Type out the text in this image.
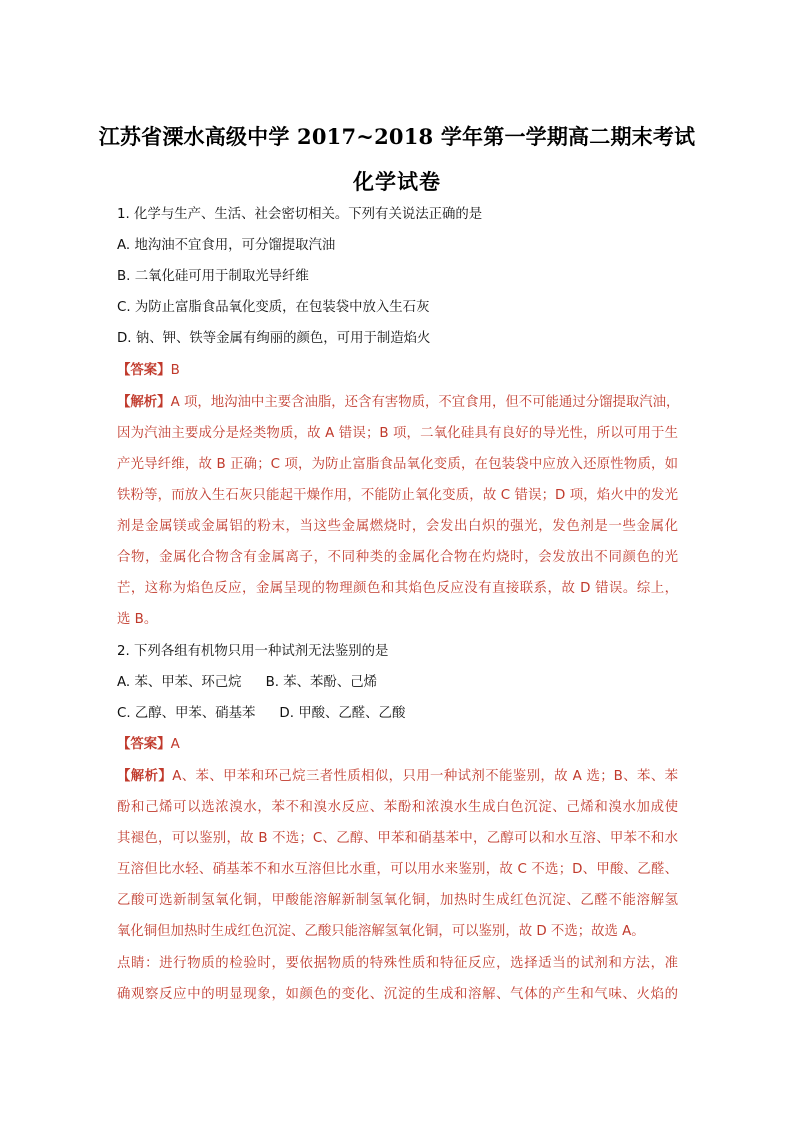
江苏省溧水高级中学 2017~2018 学年第一学期高二期末考试
化学试卷
1. 化学与生产、生活、社会密切相关。下列有关说法正确的是
A. 地沟油不宜食用，可分馏提取汽油
B. 二氧化硅可用于制取光导纤维
C. 为防止富脂食品氧化变质，在包装袋中放入生石灰
D. 钠、钾、铁等金属有绚丽的颜色，可用于制造焰火
【答案】B
【解析】A 项，地沟油中主要含油脂，还含有害物质，不宜食用，但不可能通过分馏提取汽油，
因为汽油主要成分是烃类物质，故 A 错误；B 项，二氧化硅具有良好的导光性，所以可用于生
产光导纤维，故 B 正确；C 项，为防止富脂食品氧化变质，在包装袋中应放入还原性物质，如
铁粉等，而放入生石灰只能起干燥作用，不能防止氧化变质，故 C 错误；D 项，焰火中的发光
剂是金属镁或金属铝的粉末，当这些金属燃烧时，会发出白炽的强光，发色剂是一些金属化
合物，金属化合物含有金属离子，不同种类的金属化合物在灼烧时，会发放出不同颜色的光
芒，这称为焰色反应，金属呈现的物理颜色和其焰色反应没有直接联系，故 D 错误。综上，
选 B。
2. 下列各组有机物只用一种试剂无法鉴别的是
A. 苯、甲苯、环己烷 B. 苯、苯酚、己烯
C. 乙醇、甲苯、硝基苯 D. 甲酸、乙醛、乙酸
【答案】A
【解析】A、苯、甲苯和环己烷三者性质相似，只用一种试剂不能鉴别，故 A 选；B、苯、苯
酚和己烯可以选浓溴水，苯不和溴水反应、苯酚和浓溴水生成白色沉淀、己烯和溴水加成使
其褪色，可以鉴别，故 B 不选；C、乙醇、甲苯和硝基苯中，乙醇可以和水互溶、甲苯不和水
互溶但比水轻、硝基苯不和水互溶但比水重，可以用水来鉴别，故 C 不选；D、甲酸、乙醛、
乙酸可选新制氢氧化铜，甲酸能溶解新制氢氧化铜，加热时生成红色沉淀、乙醛不能溶解氢
氧化铜但加热时生成红色沉淀、乙酸只能溶解氢氧化铜，可以鉴别，故 D 不选；故选 A。
点睛：进行物质的检验时，要依据物质的特殊性质和特征反应，选择适当的试剂和方法，准
确观察反应中的明显现象，如颜色的变化、沉淀的生成和溶解、气体的产生和气味、火焰的
